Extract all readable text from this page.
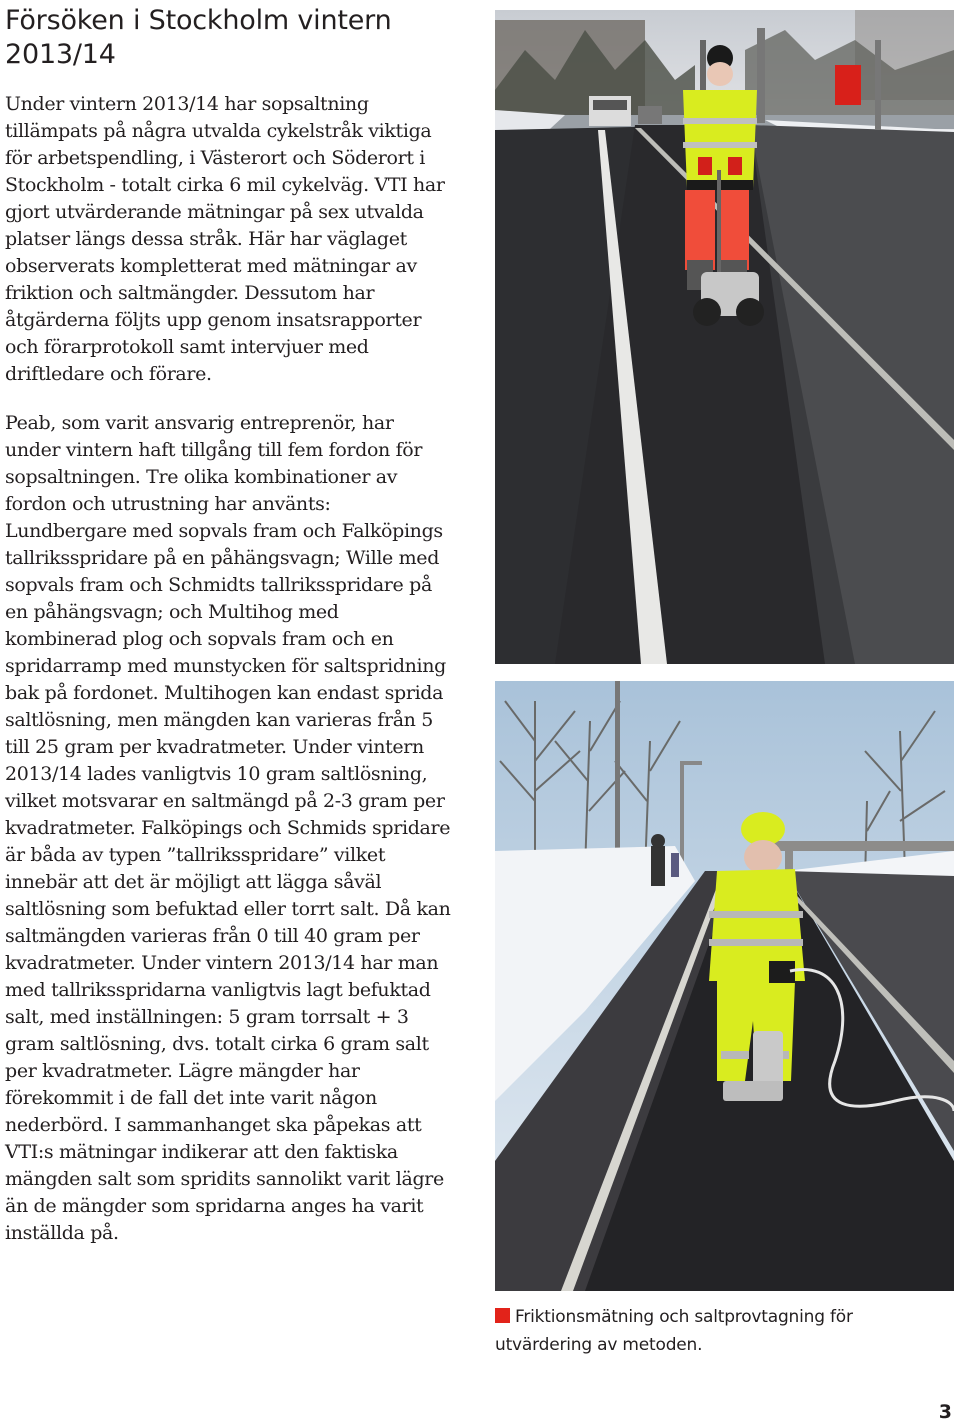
Försöken i Stockholm vintern 2013/14

Under vintern 2013/14 har sopsaltning tillämpats på några utvalda cykelstråk viktiga för arbetspendling, i Västerort och Söderort i Stockholm - totalt cirka 6 mil cykelväg. VTI har gjort utvärderande mätningar på sex utvalda platser längs dessa stråk. Här har väglaget observerats kompletterat med mätningar av friktion och saltmängder. Dessutom har åtgärderna följts upp genom insatsrapporter och förarprotokoll samt intervjuer med driftledare och förare.

Peab, som varit ansvarig entreprenör, har under vintern haft tillgång till fem fordon för sopsaltningen. Tre olika kombinationer av fordon och utrustning har använts: Lundbergare med sopvals fram och Falköpings tallriksspridare på en påhängsvagn; Wille med sopvals fram och Schmidts tallriksspridare på en påhängsvagn; och Multihog med kombinerad plog och sopvals fram och en spridarramp med munstycken för saltspridning bak på fordonet. Multihogen kan endast sprida saltlösning, men mängden kan varieras från 5 till 25 gram per kvadratmeter. Under vintern 2013/14 lades vanligtvis 10 gram saltlösning, vilket motsvarar en saltmängd på 2-3 gram per kvadratmeter. Falköpings och Schmids spridare är båda av typen ”tallriksspridare” vilket innebär att det är möjligt att lägga såväl saltlösning som befuktad eller torrt salt. Då kan saltmängden varieras från 0 till 40 gram per kvadratmeter. Under vintern 2013/14 har man med tallriksspridarna vanligtvis lagt befuktad salt, med inställningen: 5 gram torrsalt + 3 gram saltlösning, dvs. totalt cirka 6 gram salt per kvadratmeter. Lägre mängder har förekommit i de fall det inte varit någon nederbörd. I sammanhanget ska påpekas att VTI:s mätningar indikerar att den faktiska mängden salt som spridits sannolikt varit lägre än de mängder som spridarna anges ha varit inställda på.

Friktionsmätning och saltprovtagning för utvärdering av metoden.
3
